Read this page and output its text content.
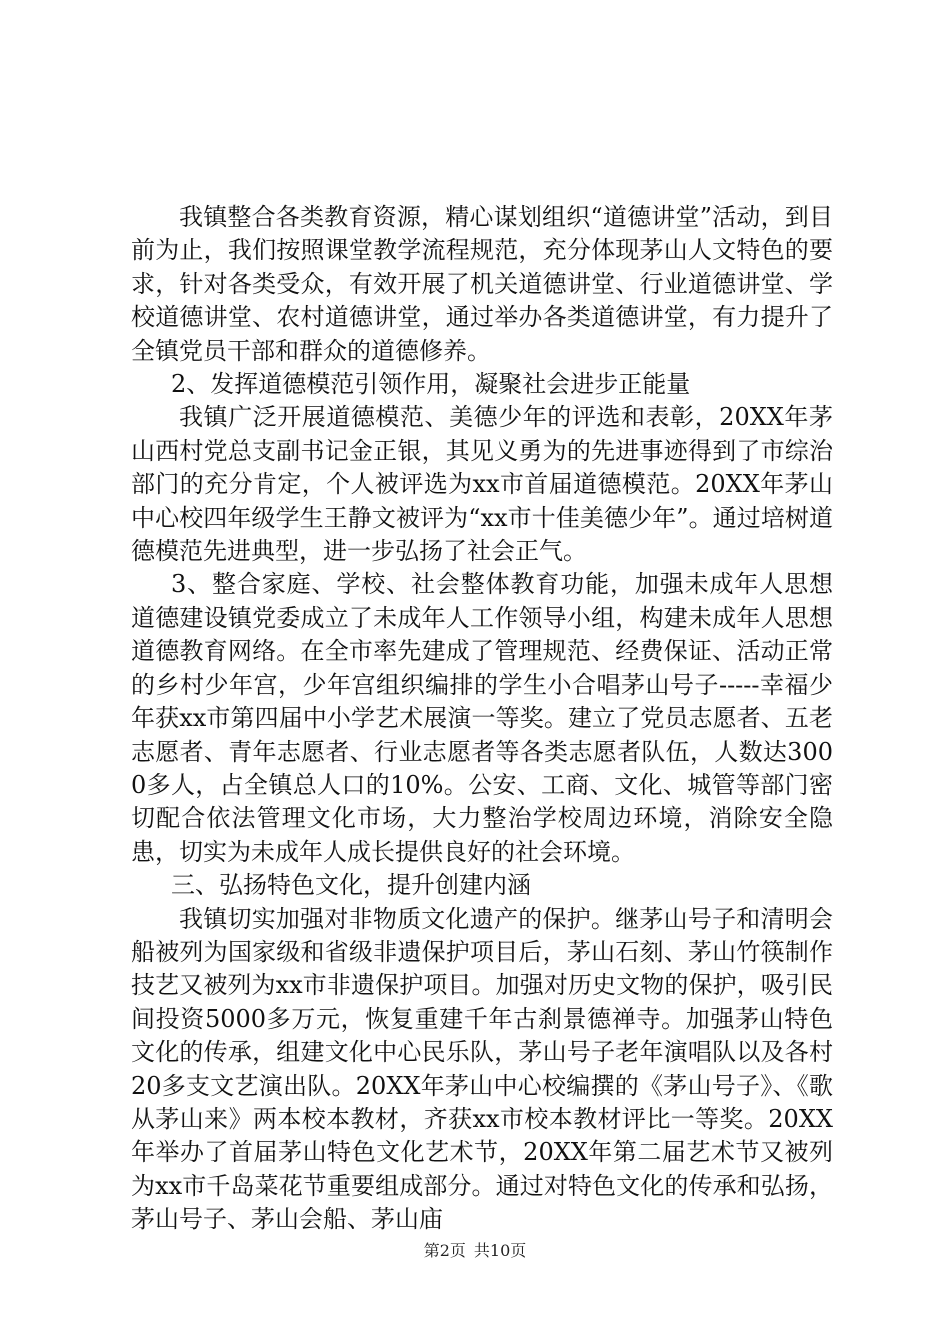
我镇整合各类教育资源，精心谋划组织“道德讲堂”活动，到目前为止，我们按照课堂教学流程规范，充分体现茅山人文特色的要求，针对各类受众，有效开展了机关道德讲堂、行业道德讲堂、学校道德讲堂、农村道德讲堂，通过举办各类道德讲堂，有力提升了全镇党员干部和群众的道德修养。

2、发挥道德模范引领作用，凝聚社会进步正能量

我镇广泛开展道德模范、美德少年的评选和表彰，20XX年茅山西村党总支副书记金正银，其见义勇为的先进事迹得到了市综治部门的充分肯定，个人被评选为xx市首届道德模范。20XX年茅山中心校四年级学生王静文被评为“xx市十佳美德少年”。通过培树道德模范先进典型，进一步弘扬了社会正气。

3、整合家庭、学校、社会整体教育功能，加强未成年人思想道德建设镇党委成立了未成年人工作领导小组，构建未成年人思想道德教育网络。在全市率先建成了管理规范、经费保证、活动正常的乡村少年宫，少年宫组织编排的学生小合唱茅山号子-----幸福少年获xx市第四届中小学艺术展演一等奖。建立了党员志愿者、五老志愿者、青年志愿者、行业志愿者等各类志愿者队伍，人数达3000多人，占全镇总人口的10%。公安、工商、文化、城管等部门密切配合依法管理文化市场，大力整治学校周边环境，消除安全隐患，切实为未成年人成长提供良好的社会环境。

三、弘扬特色文化，提升创建内涵

我镇切实加强对非物质文化遗产的保护。继茅山号子和清明会船被列为国家级和省级非遗保护项目后，茅山石刻、茅山竹筷制作技艺又被列为xx市非遗保护项目。加强对历史文物的保护，吸引民间投资5000多万元，恢复重建千年古刹景德禅寺。加强茅山特色文化的传承，组建文化中心民乐队，茅山号子老年演唱队以及各村20多支文艺演出队。20XX年茅山中心校编撰的《茅山号子》、《歌从茅山来》两本校本教材，齐获xx市校本教材评比一等奖。20XX年举办了首届茅山特色文化艺术节，20XX年第二届艺术节又被列为xx市千岛菜花节重要组成部分。通过对特色文化的传承和弘扬，茅山号子、茅山会船、茅山庙

第2页 共10页
